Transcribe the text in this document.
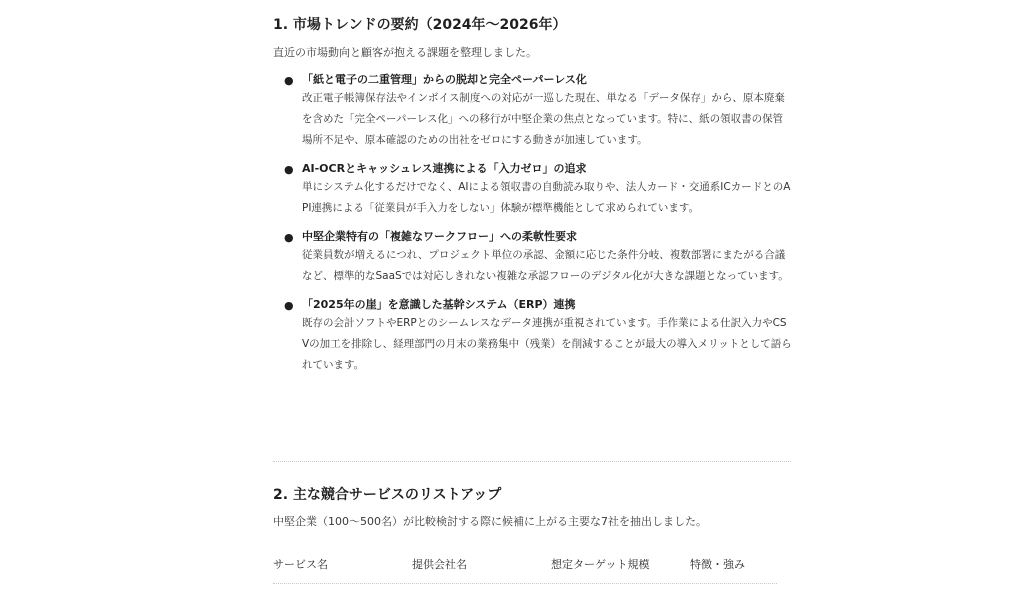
1. 市場トレンドの要約（2024年〜2026年）

直近の市場動向と顧客が抱える課題を整理しました。

● 「紙と電子の二重管理」からの脱却と完全ペーパーレス化
改正電子帳簿保存法やインボイス制度への対応が一巡した現在、単なる「データ保存」から、原本廃棄を含めた「完全ペーパーレス化」への移行が中堅企業の焦点となっています。特に、紙の領収書の保管場所不足や、原本確認のための出社をゼロにする動きが加速しています。
● AI-OCRとキャッシュレス連携による「入力ゼロ」の追求
単にシステム化するだけでなく、AIによる領収書の自動読み取りや、法人カード・交通系ICカードとのAPI連携による「従業員が手入力をしない」体験が標準機能として求められています。
● 中堅企業特有の「複雑なワークフロー」への柔軟性要求
従業員数が増えるにつれ、プロジェクト単位の承認、金額に応じた条件分岐、複数部署にまたがる合議など、標準的なSaaSでは対応しきれない複雑な承認フローのデジタル化が大きな課題となっています。
● 「2025年の崖」を意識した基幹システム（ERP）連携
既存の会計ソフトやERPとのシームレスなデータ連携が重視されています。手作業による仕訳入力やCSVの加工を排除し、経理部門の月末の業務集中（残業）を削減することが最大の導入メリットとして語られています。
2. 主な競合サービスのリストアップ

中堅企業（100〜500名）が比較検討する際に候補に上がる主要な7社を抽出しました。

サービス名	提供会社名	想定ターゲット規模	特徴・強み
